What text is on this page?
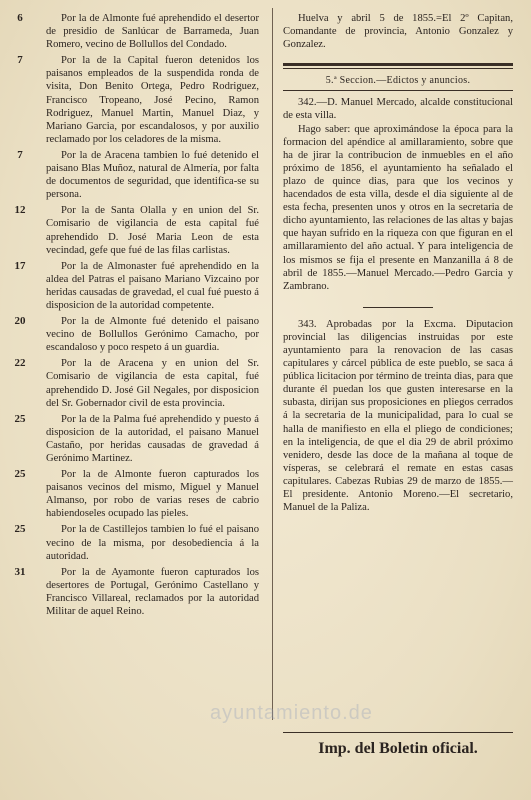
6	Por la de Almonte fué aprehendido el desertor de presidio de Sanlúcar de Barrameda, Juan Romero, vecino de Bollullos del Condado.
7	Por la de la Capital fueron detenidos los paisanos empleados de la suspendida ronda de visita, Don Benito Ortega, Pedro Rodriguez, Francisco Tropeano, José Pecino, Ramon Rodriguez, Manuel Martin, Manuel Diaz, y Mariano Garcia, por escandalosos, y por auxilio reclamado por los celadores de la misma.
7	Por la de Aracena tambien lo fué detenido el paisano Blas Muñoz, natural de Almería, por falta de documentos de seguridad, que identifica-se su persona.
12	Por la de Santa Olalla y en union del Sr. Comisario de vigilancia de esta capital fué aprehendido D. José Maria Leon de esta vecindad, gefe que fué de las filas carlistas.
17	Por la de Almonaster fué aprehendido en la aldea del Patras el paisano Mariano Vizcaino por heridas causadas de gravedad, el cual fué puesto á disposicion de la autoridad competente.
20	Por la de Almonte fué detenido el paisano vecino de Bollullos Gerónimo Camacho, por escandaloso y poco respeto á un guardia.
22	Por la de Aracena y en union del Sr. Comisario de vigilancia de esta capital, fué aprehendido D. José Gil Negales, por disposicion del Sr. Gobernador civil de esta provincia.
25	Por la de la Palma fué aprehendido y puesto á disposicion de la autoridad, el paisano Manuel Castaño, por heridas causadas de gravedad á Gerónimo Martinez.
25	Por la de Almonte fueron capturados los paisanos vecinos del mismo, Miguel y Manuel Almanso, por robo de varias reses de cabrio habiendoseles ocupado las pieles.
25	Por la de Castillejos tambien lo fué el paisano vecino de la misma, por desobediencia á la autoridad.
31	Por la de Ayamonte fueron capturados los desertores de Portugal, Gerónimo Castellano y Francisco Villareal, reclamados por la autoridad Militar de aquel Reino.

Huelva y abril 5 de 1855.=El 2º Capitan, Comandante de provincia, Antonio Gonzalez y Gonzalez.

5.ª Seccion.—Edictos y anuncios.

342.—D. Manuel Mercado, alcalde constitucional de esta villa.

Hago saber: que aproximándose la época para la formacion del apéndice al amillaramiento, sobre que ha de jirar la contribucion de inmuebles en el año próximo de 1856, el ayuntamiento ha señalado el plazo de quince dias, para que los vecinos y hacendados de esta villa, desde el dia siguiente al de esta fecha, presenten unos y otros en la secretaria de dicho ayuntamiento, las relaciones de las altas y bajas que hayan sufrido en la riqueza con que figuran en el amillaramiento del año actual. Y para inteligencia de los mismos se fija el presente en Manzanilla á 8 de abril de 1855.—Manuel Mercado.—Pedro Garcia y Zambrano.

343. Aprobadas por la Excma. Diputacion provincial las diligencias instruidas por este ayuntamiento para la renovacion de las casas capitulares y cárcel pública de este pueblo, se saca á pública licitacion por término de treinta dias, para que durante él puedan los que gusten interesarse en la subasta, dirijan sus proposiciones en pliegos cerrados á la secretaria de la municipalidad, para lo cual se halla de manifiesto en ella el pliego de condiciones; en la inteligencia, de que el dia 29 de abril próximo venidero, desde las doce de la mañana al toque de vísperas, se celebrará el remate en estas casas capitulares. Cabezas Rubias 29 de marzo de 1855.—El presidente. Antonio Moreno.—El secretario, Manuel de la Paliza.

ayuntamiento.de
Imp. del Boletin oficial.
